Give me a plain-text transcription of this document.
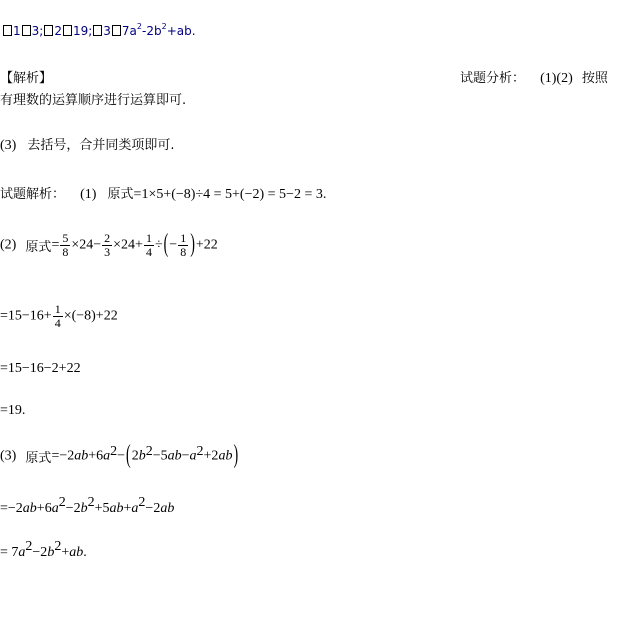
1 3; 2 19; 3 $7a^2-2b^2+ab$.
【解析】	试题分析： (1)(2) 按照
有理数的运算顺序进行运算即可.
(3) 去括号，合并同类项即可.
试题解析： (1) 原式=1×5+(−8)÷4 = 5+(−2) = 5−2 = 3.
(2) 原式= $\frac{5}{8} \times 24- \frac{2}{3} \times 24+ \frac{1}{4}$ ÷(− $\frac{1}{8} )+22$
$=15-16+ \frac{1}{4} \times(-8)+22$
=15−16−2+22
=19.
(3) 原式$=-2ab+6a^2-(2b^2-5ab-a^2+2ab)$
$=-2ab+6a^2-2b^2+5ab+a^2-2ab$
= $7a^2-2b^2+ab$.
